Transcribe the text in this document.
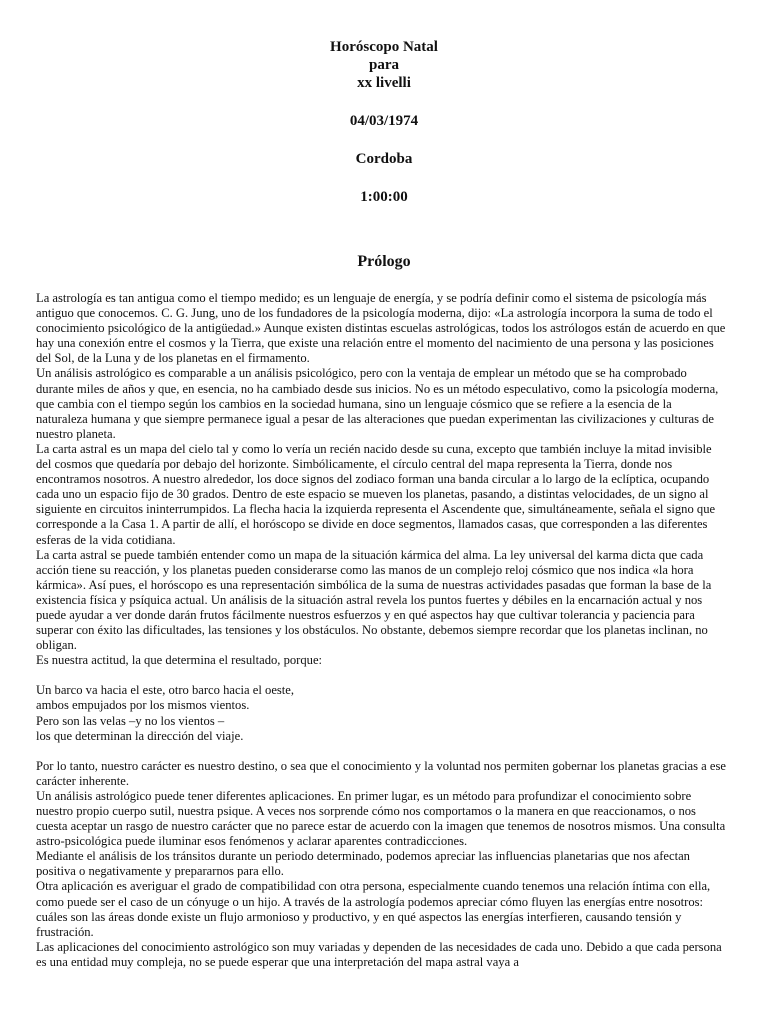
Horóscopo Natal

para

xx livelli

04/03/1974

Cordoba

1:00:00

Prólogo

La astrología es tan antigua como el tiempo medido; es un lenguaje de energía, y se podría definir como el sistema de psicología más antiguo que conocemos. C. G. Jung, uno de los fundadores de la psicología moderna, dijo: «La astrología incorpora la suma de todo el conocimiento psicológico de la antigüedad.» Aunque existen distintas escuelas astrológicas, todos los astrólogos están de acuerdo en que hay una conexión entre el cosmos y la Tierra, que existe una relación entre el momento del nacimiento de una persona y las posiciones del Sol, de la Luna y de los planetas en el firmamento.

Un análisis astrológico es comparable a un análisis psicológico, pero con la ventaja de emplear un método que se ha comprobado durante miles de años y que, en esencia, no ha cambiado desde sus inicios. No es un método especulativo, como la psicología moderna, que cambia con el tiempo según los cambios en la sociedad humana, sino un lenguaje cósmico que se refiere a la esencia de la naturaleza humana y que siempre permanece igual a pesar de las alteraciones que puedan experimentan las civilizaciones y culturas de nuestro planeta.

La carta astral es un mapa del cielo tal y como lo vería un recién nacido desde su cuna, excepto que también incluye la mitad invisible del cosmos que quedaría por debajo del horizonte. Simbólicamente, el círculo central del mapa representa la Tierra, donde nos encontramos nosotros. A nuestro alrededor, los doce signos del zodiaco forman una banda circular a lo largo de la eclíptica, ocupando cada uno un espacio fijo de 30 grados. Dentro de este espacio se mueven los planetas, pasando, a distintas velocidades, de un signo al siguiente en circuitos ininterrumpidos. La flecha hacia la izquierda representa el Ascendente que, simultáneamente, señala el signo que corresponde a la Casa 1. A partir de allí, el horóscopo se divide en doce segmentos, llamados casas, que corresponden a las diferentes esferas de la vida cotidiana.

La carta astral se puede también entender como un mapa de la situación kármica del alma. La ley universal del karma dicta que cada acción tiene su reacción, y los planetas pueden considerarse como las manos de un complejo reloj cósmico que nos indica «la hora kármica». Así pues, el horóscopo es una representación simbólica de la suma de nuestras actividades pasadas que forman la base de la existencia física y psíquica actual. Un análisis de la situación astral revela los puntos fuertes y débiles en la encarnación actual y nos puede ayudar a ver donde darán frutos fácilmente nuestros esfuerzos y en qué aspectos hay que cultivar tolerancia y paciencia para superar con éxito las dificultades, las tensiones y los obstáculos. No obstante, debemos siempre recordar que los planetas inclinan, no obligan.

Es nuestra actitud, la que determina el resultado, porque:

Un barco va hacia el este, otro barco hacia el oeste,

ambos empujados por los mismos vientos.

Pero son las velas –y no los vientos –

los que determinan la dirección del viaje.

Por lo tanto, nuestro carácter es nuestro destino, o sea que el conocimiento y la voluntad nos permiten gobernar los planetas gracias a ese carácter inherente.

Un análisis astrológico puede tener diferentes aplicaciones. En primer lugar, es un método para profundizar el conocimiento sobre nuestro propio cuerpo sutil, nuestra psique. A veces nos sorprende cómo nos comportamos o la manera en que reaccionamos, o nos cuesta aceptar un rasgo de nuestro carácter que no parece estar de acuerdo con la imagen que tenemos de nosotros mismos. Una consulta astro-psicológica puede iluminar esos fenómenos y aclarar aparentes contradicciones.

Mediante el análisis de los tránsitos durante un periodo determinado, podemos apreciar las influencias planetarias que nos afectan positiva o negativamente y prepararnos para ello.

Otra aplicación es averiguar el grado de compatibilidad con otra persona, especialmente cuando tenemos una relación íntima con ella, como puede ser el caso de un cónyuge o un hijo. A través de la astrología podemos apreciar cómo fluyen las energías entre nosotros: cuáles son las áreas donde existe un flujo armonioso y productivo, y en qué aspectos las energías interfieren, causando tensión y frustración.

Las aplicaciones del conocimiento astrológico son muy variadas y dependen de las necesidades de cada uno. Debido a que cada persona es una entidad muy compleja, no se puede esperar que una interpretación del mapa astral vaya a
